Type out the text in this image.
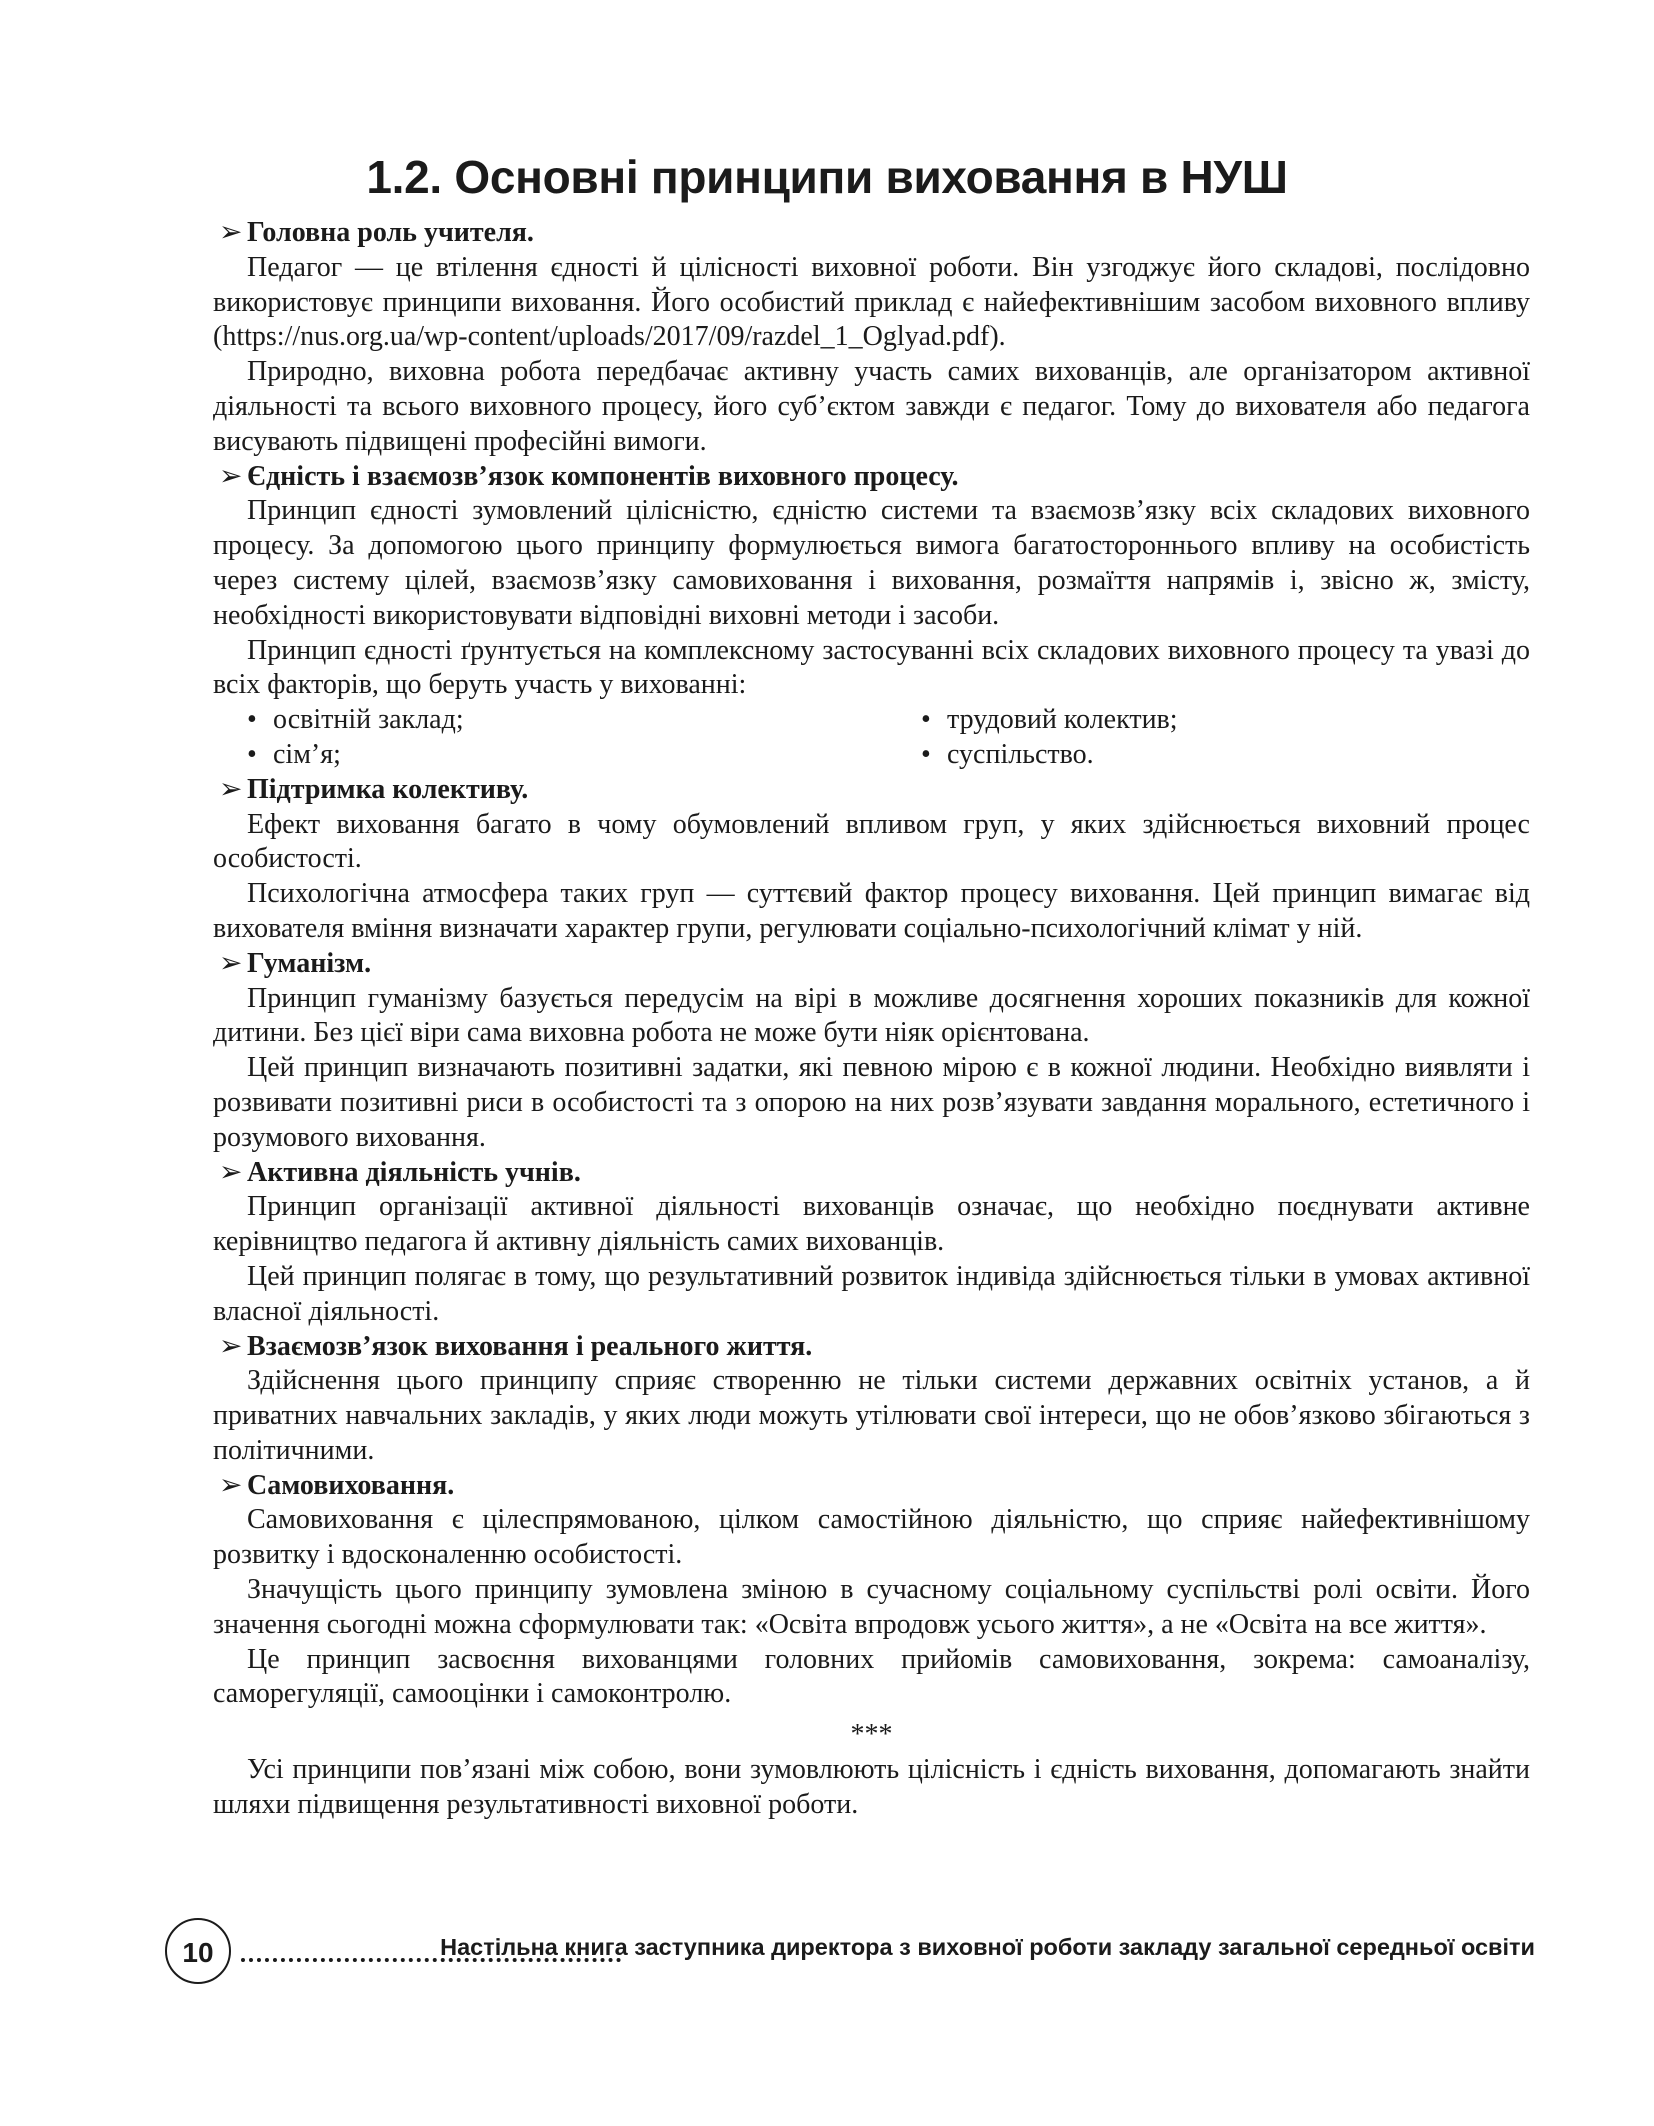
1.2. Основні принципи виховання в НУШ

➢ Головна роль учителя.

Педагог — це втілення єдності й цілісності виховної роботи. Він узгоджує його складові, послідовно використовує принципи виховання. Його особистий приклад є найефективнішим засобом виховного впливу (https://nus.org.ua/wp-content/uploads/2017/09/razdel_1_Oglyad.pdf).

Природно, виховна робота передбачає активну участь самих вихованців, але організатором активної діяльності та всього виховного процесу, його суб’єктом завжди є педагог. Тому до вихователя або педагога висувають підвищені професійні вимоги.

➢ Єдність і взаємозв’язок компонентів виховного процесу.

Принцип єдності зумовлений цілісністю, єдністю системи та взаємозв’язку всіх складових виховного процесу. За допомогою цього принципу формулюється вимога багатостороннього впливу на особистість через систему цілей, взаємозв’язку самовиховання і виховання, розмаїття напрямів і, звісно ж, змісту, необхідності використовувати відповідні виховні методи і засоби.

Принцип єдності ґрунтується на комплексному застосуванні всіх складових виховного процесу та увазі до всіх факторів, що беруть участь у вихованні:

• освітній заклад;	• трудовий колектив;
• сім’я;	• суспільство.

➢ Підтримка колективу.

Ефект виховання багато в чому обумовлений впливом груп, у яких здійснюється виховний процес особистості.

Психологічна атмосфера таких груп — суттєвий фактор процесу виховання. Цей принцип вимагає від вихователя вміння визначати характер групи, регулювати соціально-психологічний клімат у ній.

➢ Гуманізм.

Принцип гуманізму базується передусім на вірі в можливе досягнення хороших показників для кожної дитини. Без цієї віри сама виховна робота не може бути ніяк орієнтована.

Цей принцип визначають позитивні задатки, які певною мірою є в кожної людини. Необхідно виявляти і розвивати позитивні риси в особистості та з опорою на них розв’язувати завдання морального, естетичного і розумового виховання.

➢ Активна діяльність учнів.

Принцип організації активної діяльності вихованців означає, що необхідно поєднувати активне керівництво педагога й активну діяльність самих вихованців.

Цей принцип полягає в тому, що результативний розвиток індивіда здійснюється тільки в умовах активної власної діяльності.

➢ Взаємозв’язок виховання і реального життя.

Здійснення цього принципу сприяє створенню не тільки системи державних освітніх установ, а й приватних навчальних закладів, у яких люди можуть утілювати свої інтереси, що не обов’язково збігаються з політичними.

➢ Самовиховання.

Самовиховання є цілеспрямованою, цілком самостійною діяльністю, що сприяє найефективнішому розвитку і вдосконаленню особистості.

Значущість цього принципу зумовлена зміною в сучасному соціальному суспільстві ролі освіти. Його значення сьогодні можна сформулювати так: «Освіта впродовж усього життя», а не «Освіта на все життя».

Це принцип засвоєння вихованцями головних прийомів самовиховання, зокрема: самоаналізу, саморегуляції, самооцінки і самоконтролю.

***

Усі принципи пов’язані між собою, вони зумовлюють цілісність і єдність виховання, допомагають знайти шляхи підвищення результативності виховної роботи.

10	Настільна книга заступника директора з виховної роботи закладу загальної середньої освіти
